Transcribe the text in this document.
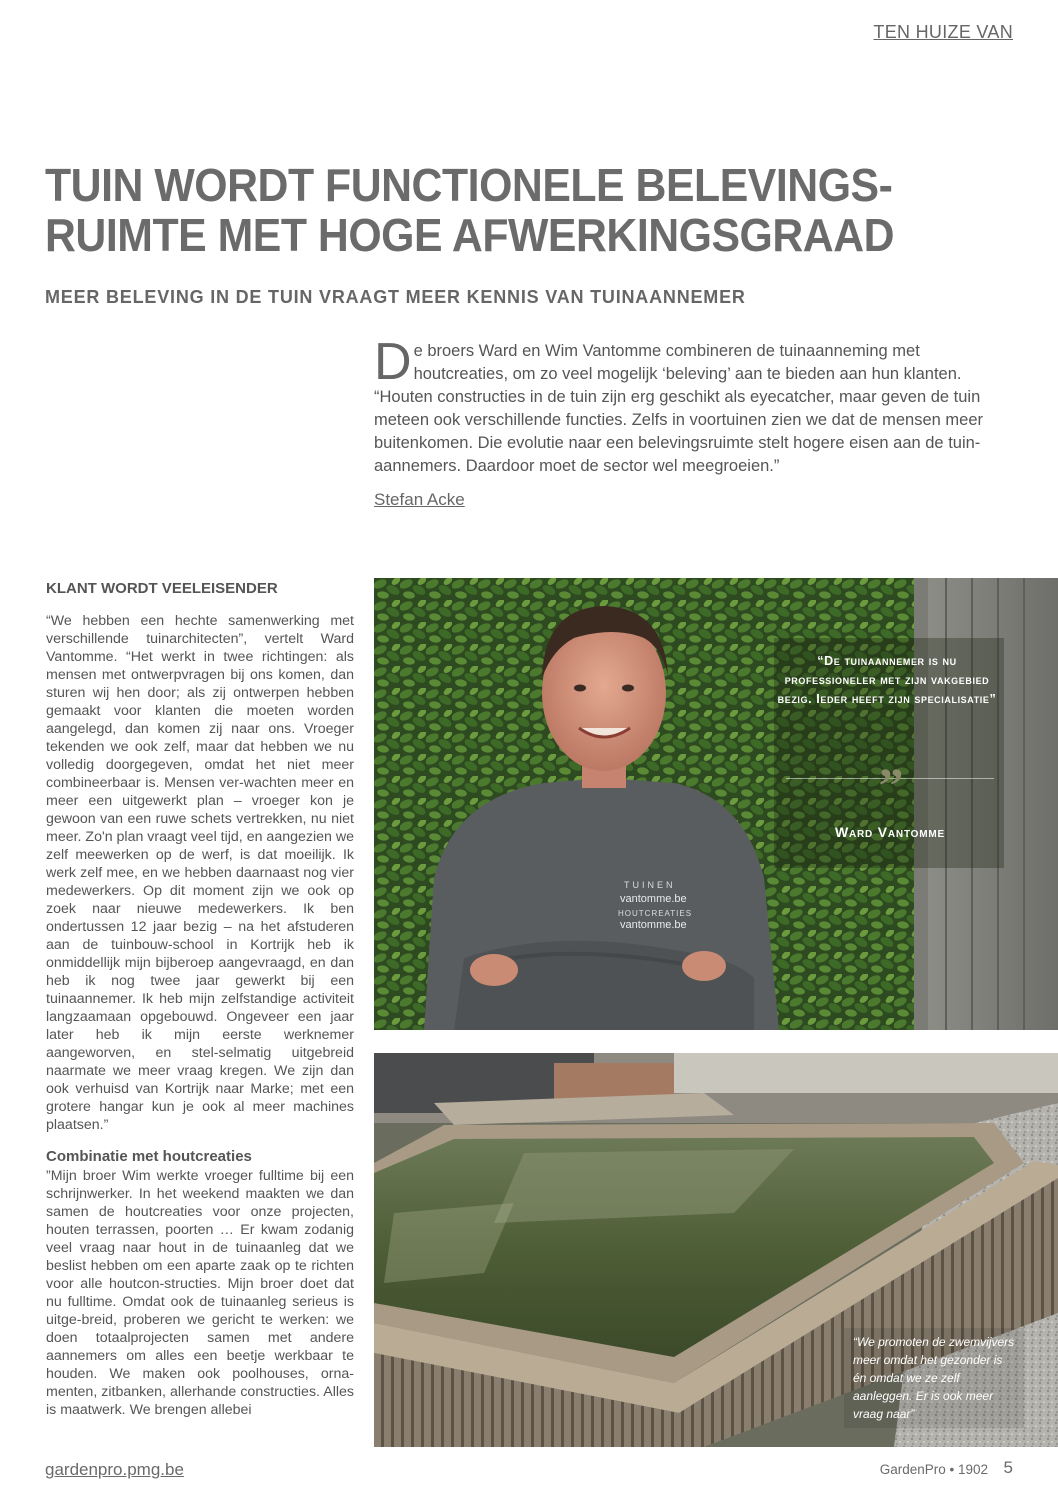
TEN HUIZE VAN
TUIN WORDT FUNCTIONELE BELEVINGS-
RUIMTE MET HOGE AFWERKINGSGRAAD
MEER BELEVING IN DE TUIN VRAAGT MEER KENNIS VAN TUINAANNEMER
De broers Ward en Wim Vantomme combineren de tuinaanneming met houtcreaties, om zo veel mogelijk ‘beleving’ aan te bieden aan hun klanten. “Houten constructies in de tuin zijn erg geschikt als eyecatcher, maar geven de tuin meteen ook verschillende functies. Zelfs in voortuinen zien we dat de mensen meer buitenkomen. Die evolutie naar een belevingsruimte stelt hogere eisen aan de tuin-aannemers. Daardoor moet de sector wel meegroeien.”
Stefan Acke
KLANT WORDT VEELEISENDER

“We hebben een hechte samenwerking met verschillende tuinarchitecten”, vertelt Ward Vantomme. “Het werkt in twee richtingen: als mensen met ontwerpvragen bij ons komen, dan sturen wij hen door; als zij ontwerpen hebben gemaakt voor klanten die moeten worden aangelegd, dan komen zij naar ons. Vroeger tekenden we ook zelf, maar dat hebben we nu volledig doorgegeven, omdat het niet meer combineerbaar is. Mensen ver-wachten meer en meer een uitgewerkt plan – vroeger kon je gewoon van een ruwe schets vertrekken, nu niet meer. Zo'n plan vraagt veel tijd, en aangezien we zelf meewerken op de werf, is dat moeilijk. Ik werk zelf mee, en we hebben daarnaast nog vier medewerkers. Op dit moment zijn we ook op zoek naar nieuwe medewerkers. Ik ben ondertussen 12 jaar bezig – na het afstuderen aan de tuinbouw-school in Kortrijk heb ik onmiddellijk mijn bijberoep aangevraagd, en dan heb ik nog twee jaar gewerkt bij een tuinaannemer. Ik heb mijn zelfstandige activiteit langzaamaan opgebouwd. Ongeveer een jaar later heb ik mijn eerste werknemer aangeworven, en stel-selmatig uitgebreid naarmate we meer vraag kregen. We zijn dan ook verhuisd van Kortrijk naar Marke; met een grotere hangar kun je ook al meer machines plaatsen.”

Combinatie met houtcreaties

”Mijn broer Wim werkte vroeger fulltime bij een schrijnwerker. In het weekend maakten we dan samen de houtcreaties voor onze projecten, houten terrassen, poorten … Er kwam zodanig veel vraag naar hout in de tuinaanleg dat we beslist hebben om een aparte zaak op te richten voor alle houtcon-structies. Mijn broer doet dat nu fulltime. Omdat ook de tuinaanleg serieus is uitge-breid, proberen we gericht te werken: we doen totaalprojecten samen met andere aannemers om alles een beetje werkbaar te houden. We maken ook poolhouses, orna-menten, zitbanken, allerhande constructies. Alles is maatwerk. We brengen allebei

TUINEN
vantomme.be
HOUTCREATIES
vantomme.be
“De tuinaannemer is nu professioneler met zijn vakgebied bezig. Ieder heeft zijn specialisatie”
”
Ward Vantomme
“We promoten de zwemvijvers meer omdat het gezonder is én omdat we ze zelf aanleggen. Er is ook meer vraag naar”
gardenpro.pmg.be	GardenPro • 1902 5
